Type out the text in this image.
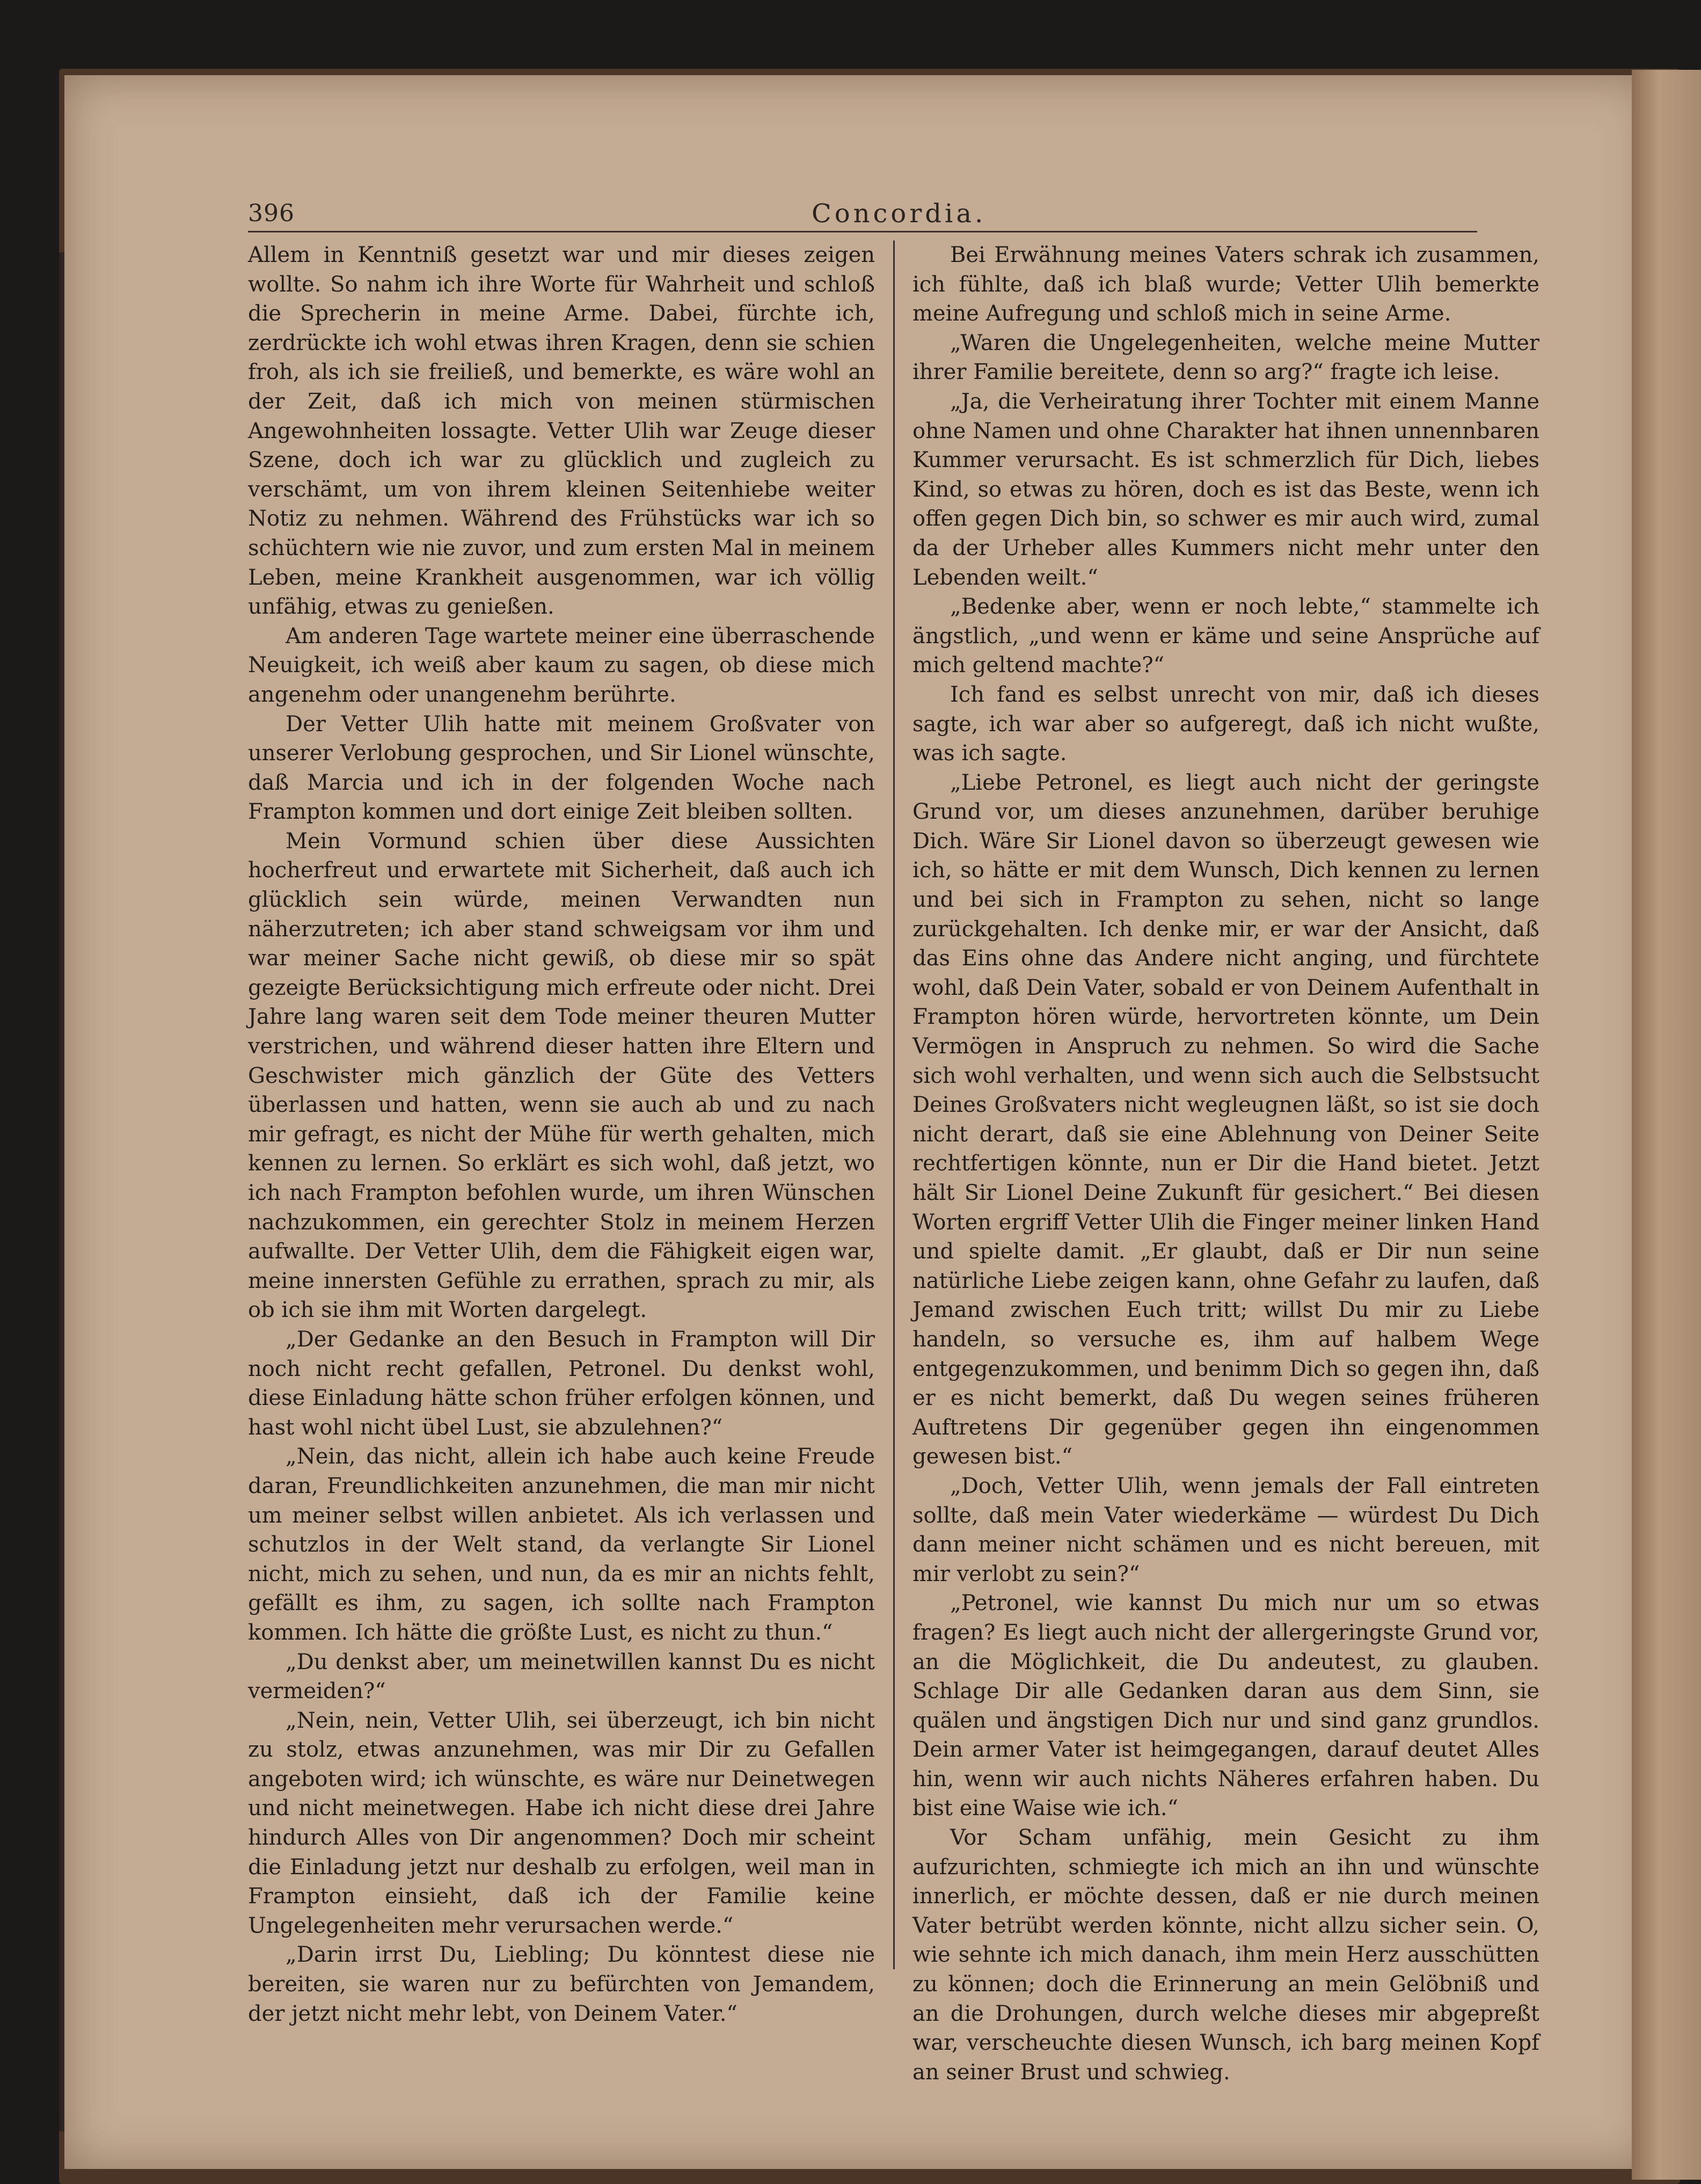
396	Concordia.

Allem in Kenntniß gesetzt war und mir dieses zeigen wollte. So nahm ich ihre Worte für Wahrheit und schloß die Sprecherin in meine Arme. Dabei, fürchte ich, zerdrückte ich wohl etwas ihren Kragen, denn sie schien froh, als ich sie freiließ, und bemerkte, es wäre wohl an der Zeit, daß ich mich von meinen stürmischen Angewohnheiten lossagte. Vetter Ulih war Zeuge dieser Szene, doch ich war zu glücklich und zugleich zu verschämt, um von ihrem kleinen Seitenhiebe weiter Notiz zu nehmen. Während des Frühstücks war ich so schüchtern wie nie zuvor, und zum ersten Mal in meinem Leben, meine Krankheit ausgenommen, war ich völlig unfähig, etwas zu genießen.

Am anderen Tage wartete meiner eine überraschende Neuigkeit, ich weiß aber kaum zu sagen, ob diese mich angenehm oder unangenehm berührte.

Der Vetter Ulih hatte mit meinem Großvater von unserer Verlobung gesprochen, und Sir Lionel wünschte, daß Marcia und ich in der folgenden Woche nach Frampton kommen und dort einige Zeit bleiben sollten.

Mein Vormund schien über diese Aussichten hocherfreut und erwartete mit Sicherheit, daß auch ich glücklich sein würde, meinen Verwandten nun näherzutreten; ich aber stand schweigsam vor ihm und war meiner Sache nicht gewiß, ob diese mir so spät gezeigte Berücksichtigung mich erfreute oder nicht. Drei Jahre lang waren seit dem Tode meiner theuren Mutter verstrichen, und während dieser hatten ihre Eltern und Geschwister mich gänzlich der Güte des Vetters überlassen und hatten, wenn sie auch ab und zu nach mir gefragt, es nicht der Mühe für werth gehalten, mich kennen zu lernen. So erklärt es sich wohl, daß jetzt, wo ich nach Frampton befohlen wurde, um ihren Wünschen nachzukommen, ein gerechter Stolz in meinem Herzen aufwallte. Der Vetter Ulih, dem die Fähigkeit eigen war, meine innersten Gefühle zu errathen, sprach zu mir, als ob ich sie ihm mit Worten dargelegt.

„Der Gedanke an den Besuch in Frampton will Dir noch nicht recht gefallen, Petronel. Du denkst wohl, diese Einladung hätte schon früher erfolgen können, und hast wohl nicht übel Lust, sie abzulehnen?“

„Nein, das nicht, allein ich habe auch keine Freude daran, Freundlichkeiten anzunehmen, die man mir nicht um meiner selbst willen anbietet. Als ich verlassen und schutzlos in der Welt stand, da verlangte Sir Lionel nicht, mich zu sehen, und nun, da es mir an nichts fehlt, gefällt es ihm, zu sagen, ich sollte nach Frampton kommen. Ich hätte die größte Lust, es nicht zu thun.“

„Du denkst aber, um meinetwillen kannst Du es nicht vermeiden?“

„Nein, nein, Vetter Ulih, sei überzeugt, ich bin nicht zu stolz, etwas anzunehmen, was mir Dir zu Gefallen angeboten wird; ich wünschte, es wäre nur Deinetwegen und nicht meinetwegen. Habe ich nicht diese drei Jahre hindurch Alles von Dir angenommen? Doch mir scheint die Einladung jetzt nur deshalb zu erfolgen, weil man in Frampton einsieht, daß ich der Familie keine Ungelegenheiten mehr verursachen werde.“

„Darin irrst Du, Liebling; Du könntest diese nie bereiten, sie waren nur zu befürchten von Jemandem, der jetzt nicht mehr lebt, von Deinem Vater.“

Bei Erwähnung meines Vaters schrak ich zusammen, ich fühlte, daß ich blaß wurde; Vetter Ulih bemerkte meine Aufregung und schloß mich in seine Arme.

„Waren die Ungelegenheiten, welche meine Mutter ihrer Familie bereitete, denn so arg?“ fragte ich leise.

„Ja, die Verheiratung ihrer Tochter mit einem Manne ohne Namen und ohne Charakter hat ihnen unnennbaren Kummer verursacht. Es ist schmerzlich für Dich, liebes Kind, so etwas zu hören, doch es ist das Beste, wenn ich offen gegen Dich bin, so schwer es mir auch wird, zumal da der Urheber alles Kummers nicht mehr unter den Lebenden weilt.“

„Bedenke aber, wenn er noch lebte,“ stammelte ich ängstlich, „und wenn er käme und seine Ansprüche auf mich geltend machte?“

Ich fand es selbst unrecht von mir, daß ich dieses sagte, ich war aber so aufgeregt, daß ich nicht wußte, was ich sagte.

„Liebe Petronel, es liegt auch nicht der geringste Grund vor, um dieses anzunehmen, darüber beruhige Dich. Wäre Sir Lionel davon so überzeugt gewesen wie ich, so hätte er mit dem Wunsch, Dich kennen zu lernen und bei sich in Frampton zu sehen, nicht so lange zurückgehalten. Ich denke mir, er war der Ansicht, daß das Eins ohne das Andere nicht anging, und fürchtete wohl, daß Dein Vater, sobald er von Deinem Aufenthalt in Frampton hören würde, hervortreten könnte, um Dein Vermögen in Anspruch zu nehmen. So wird die Sache sich wohl verhalten, und wenn sich auch die Selbstsucht Deines Großvaters nicht wegleugnen läßt, so ist sie doch nicht derart, daß sie eine Ablehnung von Deiner Seite rechtfertigen könnte, nun er Dir die Hand bietet. Jetzt hält Sir Lionel Deine Zukunft für gesichert.“ Bei diesen Worten ergriff Vetter Ulih die Finger meiner linken Hand und spielte damit. „Er glaubt, daß er Dir nun seine natürliche Liebe zeigen kann, ohne Gefahr zu laufen, daß Jemand zwischen Euch tritt; willst Du mir zu Liebe handeln, so versuche es, ihm auf halbem Wege entgegenzukommen, und benimm Dich so gegen ihn, daß er es nicht bemerkt, daß Du wegen seines früheren Auftretens Dir gegenüber gegen ihn eingenommen gewesen bist.“

„Doch, Vetter Ulih, wenn jemals der Fall eintreten sollte, daß mein Vater wiederkäme — würdest Du Dich dann meiner nicht schämen und es nicht bereuen, mit mir verlobt zu sein?“

„Petronel, wie kannst Du mich nur um so etwas fragen? Es liegt auch nicht der allergeringste Grund vor, an die Möglichkeit, die Du andeutest, zu glauben. Schlage Dir alle Gedanken daran aus dem Sinn, sie quälen und ängstigen Dich nur und sind ganz grundlos. Dein armer Vater ist heimgegangen, darauf deutet Alles hin, wenn wir auch nichts Näheres erfahren haben. Du bist eine Waise wie ich.“

Vor Scham unfähig, mein Gesicht zu ihm aufzurichten, schmiegte ich mich an ihn und wünschte innerlich, er möchte dessen, daß er nie durch meinen Vater betrübt werden könnte, nicht allzu sicher sein. O, wie sehnte ich mich danach, ihm mein Herz ausschütten zu können; doch die Erinnerung an mein Gelöbniß und an die Drohungen, durch welche dieses mir abgepreßt war, verscheuchte diesen Wunsch, ich barg meinen Kopf an seiner Brust und schwieg.
